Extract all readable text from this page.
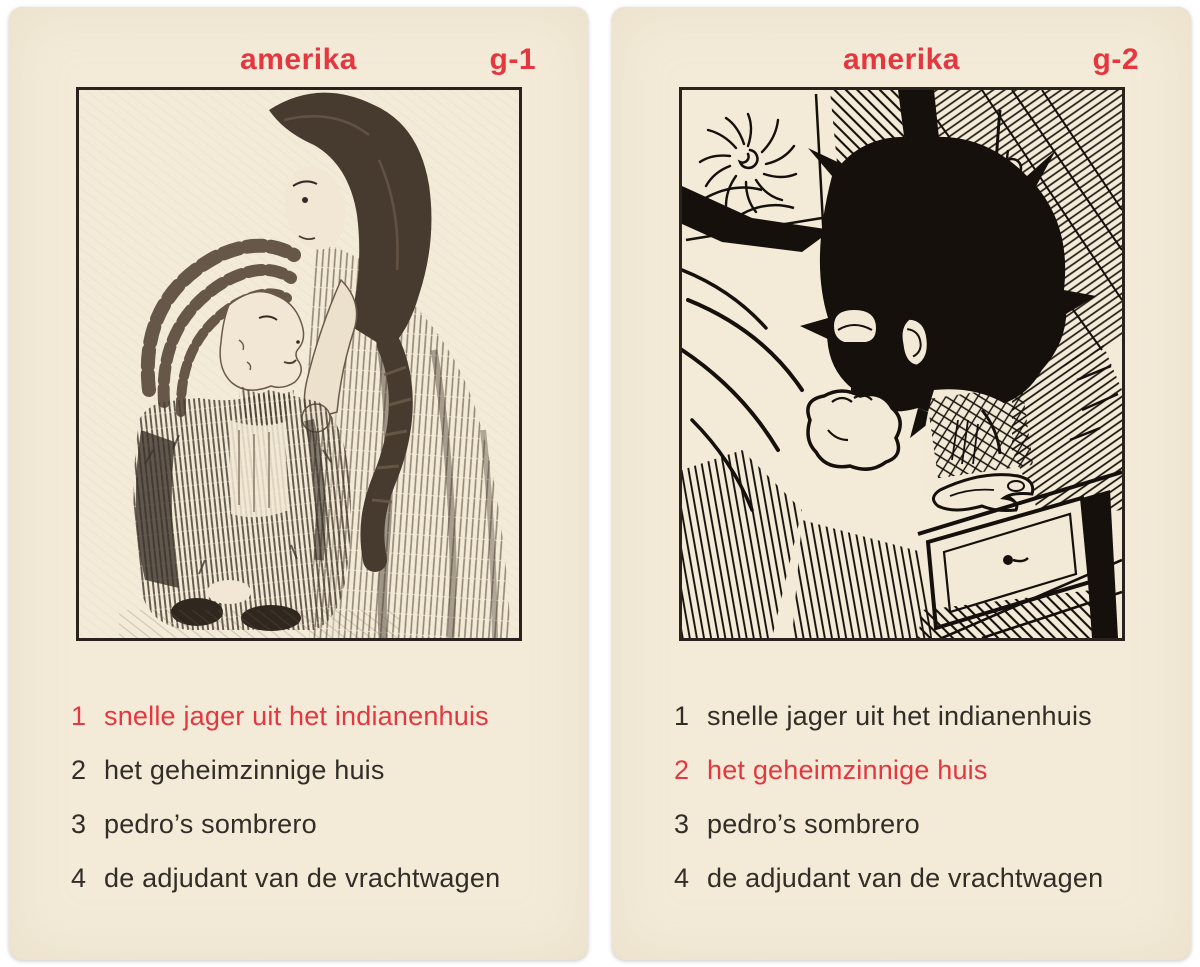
amerika	g-1
1 snelle jager uit het indianenhuis
2 het geheimzinnige huis
3 pedro’s sombrero
4 de adjudant van de vrachtwagen
amerika	g-2
1 snelle jager uit het indianenhuis
2 het geheimzinnige huis
3 pedro’s sombrero
4 de adjudant van de vrachtwagen
